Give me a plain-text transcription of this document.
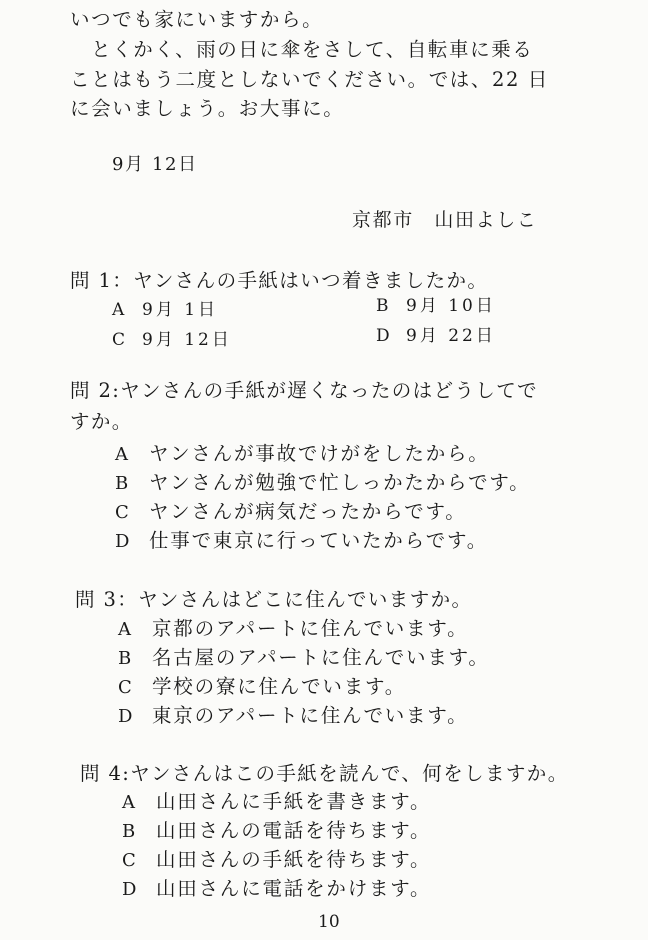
いつでも家にいますから。
　とくかく、雨の日に傘をさして、自転車に乗る
ことはもう二度としないでください。では、22 日
に会いましょう。お大事に。
9月 12日
京都市　山田よしこ
問 1：ヤンさんの手紙はいつ着きましたか。
A 9月 1日	B 9月 10日
C 9月 12日	D 9月 22日
問 2:ヤンさんの手紙が遅くなったのはどうしてで
すか。
A ヤンさんが事故でけがをしたから。
B ヤンさんが勉強で忙しっかたからです。
C ヤンさんが病気だったからです。
D 仕事で東京に行っていたからです。
問 3：ヤンさんはどこに住んでいますか。
A 京都のアパートに住んでいます。
B 名古屋のアパートに住んでいます。
C 学校の寮に住んでいます。
D 東京のアパートに住んでいます。
問 4:ヤンさんはこの手紙を読んで、何をしますか。
A 山田さんに手紙を書きます。
B 山田さんの電話を待ちます。
C 山田さんの手紙を待ちます。
D 山田さんに電話をかけます。
10
